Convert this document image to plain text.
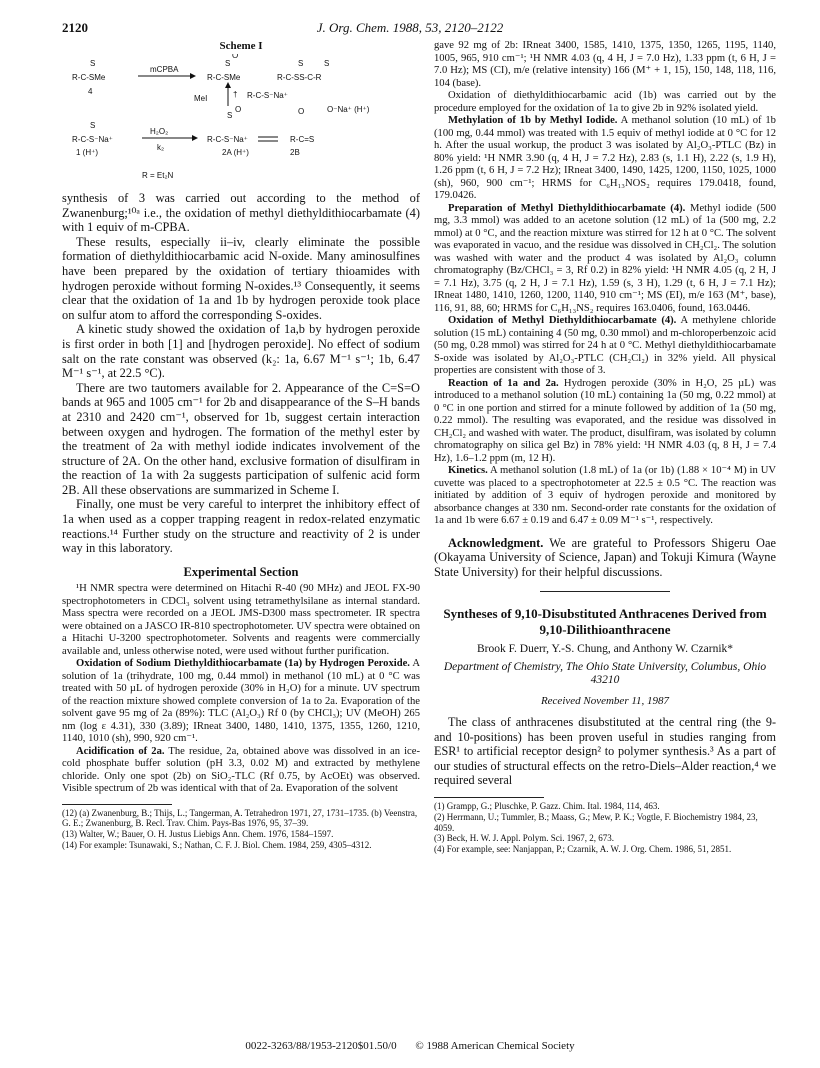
2120	J. Org. Chem. 1988, 53, 2120–2122
Scheme I
S
R-C-SMe
mCPBA
O
S
R-C-SMe
S	S
R-C-SS-C-R
4
MeI	† R-C-S⁻Na⁺
O	O	O⁻Na⁺ (H⁺)
S
S
H₂O₂
R-C-S⁻Na⁺	R-C-S⁻Na⁺	R-C=S
k₂
1 (H⁺)	2A (H⁺)	2B
R = Et₂N

synthesis of 3 was carried out according to the method of Zwanenburg;¹⁰ᵃ i.e., the oxidation of methyl diethyldithiocarbamate (4) with 1 equiv of m-CPBA.

These results, especially ii–iv, clearly eliminate the possible formation of diethyldithiocarbamic acid N-oxide. Many aminosulfines have been prepared by the oxidation of tertiary thioamides with hydrogen peroxide without forming N-oxides.¹³ Consequently, it seems clear that the oxidation of 1a and 1b by hydrogen peroxide took place on sulfur atom to afford the corresponding S-oxides.

A kinetic study showed the oxidation of 1a,b by hydrogen peroxide is first order in both [1] and [hydrogen peroxide]. No effect of sodium salt on the rate constant was observed (k₂: 1a, 6.67 M⁻¹ s⁻¹; 1b, 6.47 M⁻¹ s⁻¹, at 22.5 °C).

There are two tautomers available for 2. Appearance of the C=S=O bands at 965 and 1005 cm⁻¹ for 2b and disappearance of the S–H bands at 2310 and 2420 cm⁻¹, observed for 1b, suggest certain interaction between oxygen and hydrogen. The formation of the methyl ester by the treatment of 2a with methyl iodide indicates involvement of the structure of 2A. On the other hand, exclusive formation of disulfiram in the reaction of 1a with 2a suggests participation of sulfenic acid form 2B. All these observations are summarized in Scheme I.

Finally, one must be very careful to interpret the inhibitory effect of 1a when used as a copper trapping reagent in redox-related enzymatic reactions.¹⁴ Further study on the structure and reactivity of 2 is under way in this laboratory.

Experimental Section

¹H NMR spectra were determined on Hitachi R-40 (90 MHz) and JEOL FX-90 spectrophotometers in CDCl₃ solvent using tetramethylsilane as internal standard. Mass spectra were recorded on a JEOL JMS-D300 mass spectrometer. IR spectra were obtained on a JASCO IR-810 spectrophotometer. UV spectra were obtained on a Hitachi U-3200 spectrophotometer. Solvents and reagents were commercially available and, unless otherwise noted, were used without further purification.

Oxidation of Sodium Diethyldithiocarbamate (1a) by Hydrogen Peroxide. A solution of 1a (trihydrate, 100 mg, 0.44 mmol) in methanol (10 mL) at 0 °C was treated with 50 µL of hydrogen peroxide (30% in H₂O) for a minute. UV spectrum of the reaction mixture showed complete conversion of 1a to 2a. Evaporation of the solvent gave 95 mg of 2a (89%): TLC (Al₂O₃) Rf 0 (by CHCl₃); UV (MeOH) 265 nm (log ε 4.31), 330 (3.89); IRneat 3400, 1480, 1410, 1375, 1355, 1260, 1210, 1140, 1010 (sh), 990, 920 cm⁻¹.

Acidification of 2a. The residue, 2a, obtained above was dissolved in an ice-cold phosphate buffer solution (pH 3.3, 0.02 M) and extracted by methylene chloride. Only one spot (2b) on SiO₂-TLC (Rf 0.75, by AcOEt) was observed. Visible spectrum of 2b was identical with that of 2a. Evaporation of the solvent

(12) (a) Zwanenburg, B.; Thijs, L.; Tangerman, A. Tetrahedron 1971, 27, 1731–1735. (b) Veenstra, G. E.; Zwanenburg, B. Recl. Trav. Chim. Pays-Bas 1976, 95, 37–39.
(13) Walter, W.; Bauer, O. H. Justus Liebigs Ann. Chem. 1976, 1584–1597.
(14) For example: Tsunawaki, S.; Nathan, C. F. J. Biol. Chem. 1984, 259, 4305–4312.

gave 92 mg of 2b: IRneat 3400, 1585, 1410, 1375, 1350, 1265, 1195, 1140, 1005, 965, 910 cm⁻¹; ¹H NMR 4.03 (q, 4 H, J = 7.0 Hz), 1.33 ppm (t, 6 H, J = 7.0 Hz); MS (CI), m/e (relative intensity) 166 (M⁺ + 1, 15), 150, 148, 118, 116, 104 (base).

Oxidation of diethyldithiocarbamic acid (1b) was carried out by the procedure employed for the oxidation of 1a to give 2b in 92% isolated yield.

Methylation of 1b by Methyl Iodide. A methanol solution (10 mL) of 1b (100 mg, 0.44 mmol) was treated with 1.5 equiv of methyl iodide at 0 °C for 12 h. After the usual workup, the product 3 was isolated by Al₂O₃-PTLC (Bz) in 80% yield: ¹H NMR 3.90 (q, 4 H, J = 7.2 Hz), 2.83 (s, 1.1 H), 2.22 (s, 1.9 H), 1.26 ppm (t, 6 H, J = 7.2 Hz); IRneat 3400, 1490, 1425, 1200, 1150, 1025, 1000 (sh), 960, 900 cm⁻¹; HRMS for C₆H₁₃NOS₂ requires 179.0418, found, 179.0426.

Preparation of Methyl Diethyldithiocarbamate (4). Methyl iodide (500 mg, 3.3 mmol) was added to an acetone solution (12 mL) of 1a (500 mg, 2.2 mmol) at 0 °C, and the reaction mixture was stirred for 12 h at 0 °C. The solvent was evaporated in vacuo, and the residue was dissolved in CH₂Cl₂. The solution was washed with water and the product 4 was isolated by Al₂O₃ column chromatography (Bz/CHCl₃ = 3, Rf 0.2) in 82% yield: ¹H NMR 4.05 (q, 2 H, J = 7.1 Hz), 3.75 (q, 2 H, J = 7.1 Hz), 1.59 (s, 3 H), 1.29 (t, 6 H, J = 7.1 Hz); IRneat 1480, 1410, 1260, 1200, 1140, 910 cm⁻¹; MS (EI), m/e 163 (M⁺, base), 116, 91, 88, 60; HRMS for C₆H₁₃NS₂ requires 163.0406, found, 163.0446.

Oxidation of Methyl Diethyldithiocarbamate (4). A methylene chloride solution (15 mL) containing 4 (50 mg, 0.30 mmol) and m-chloroperbenzoic acid (50 mg, 0.28 mmol) was stirred for 24 h at 0 °C. Methyl diethyldithiocarbamate S-oxide was isolated by Al₂O₃-PTLC (CH₂Cl₂) in 32% yield. All physical properties are consistent with those of 3.

Reaction of 1a and 2a. Hydrogen peroxide (30% in H₂O, 25 µL) was introduced to a methanol solution (10 mL) containing 1a (50 mg, 0.22 mmol) at 0 °C in one portion and stirred for a minute followed by addition of 1a (50 mg, 0.22 mmol). The resulting was evaporated, and the residue was dissolved in CH₂Cl₂ and washed with water. The product, disulfiram, was isolated by column chromatography on silica gel Bz) in 78% yield: ¹H NMR 4.03 (q, 8 H, J = 7.4 Hz), 1.6–1.2 ppm (m, 12 H).

Kinetics. A methanol solution (1.8 mL) of 1a (or 1b) (1.88 × 10⁻⁴ M) in UV cuvette was placed to a spectrophotometer at 22.5 ± 0.5 °C. The reaction was initiated by addition of 3 equiv of hydrogen peroxide and monitored by absorbance changes at 330 nm. Second-order rate constants for the oxidation of 1a and 1b were 6.67 ± 0.19 and 6.47 ± 0.09 M⁻¹ s⁻¹, respectively.

Acknowledgment. We are grateful to Professors Shigeru Oae (Okayama University of Science, Japan) and Tokuji Kimura (Wayne State University) for their helpful discussions.

Syntheses of 9,10-Disubstituted Anthracenes Derived from 9,10-Dilithioanthracene
Brook F. Duerr, Y.-S. Chung, and Anthony W. Czarnik*
Department of Chemistry, The Ohio State University, Columbus, Ohio 43210
Received November 11, 1987

The class of anthracenes disubstituted at the central ring (the 9- and 10-positions) has been proven useful in studies ranging from ESR¹ to artificial receptor design² to polymer synthesis.³ As a part of our studies of structural effects on the retro-Diels–Alder reaction,⁴ we required several

(1) Grampp, G.; Pluschke, P. Gazz. Chim. Ital. 1984, 114, 463.
(2) Herrmann, U.; Tummler, B.; Maass, G.; Mew, P. K.; Vogtle, F. Biochemistry 1984, 23, 4059.
(3) Beck, H. W. J. Appl. Polym. Sci. 1967, 2, 673.
(4) For example, see: Nanjappan, P.; Czarnik, A. W. J. Org. Chem. 1986, 51, 2851.
0022-3263/88/1953-2120$01.50/0 © 1988 American Chemical Society
